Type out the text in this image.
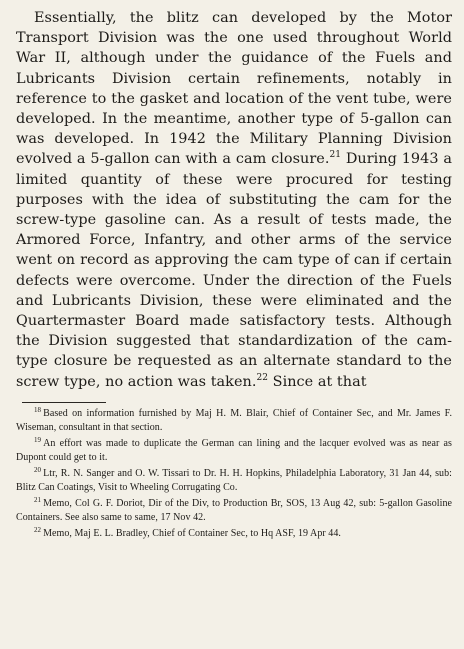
Essentially, the blitz can developed by the Motor Transport Division was the one used throughout World War II, although under the guidance of the Fuels and Lubricants Division certain refinements, notably in reference to the gasket and location of the vent tube, were developed. In the meantime, another type of 5-gallon can was developed. In 1942 the Military Planning Division evolved a 5-gallon can with a cam closure.$^{21}$ During 1943 a limited quantity of these were procured for testing purposes with the idea of substituting the cam for the screw-type gasoline can. As a result of tests made, the Armored Force, Infantry, and other arms of the service went on record as approving the cam type of can if certain defects were overcome. Under the direction of the Fuels and Lubricants Division, these were eliminated and the Quartermaster Board made satisfactory tests. Although the Division suggested that standardization of the cam-type closure be requested as an alternate standard to the screw type, no action was taken.$^{22}$ Since at that

$^{18}$ Based on information furnished by Maj H. M. Blair, Chief of Container Sec, and Mr. James F. Wiseman, consultant in that section.

$^{19}$ An effort was made to duplicate the German can lining and the lacquer evolved was as near as Dupont could get to it.

$^{20}$ Ltr, R. N. Sanger and O. W. Tissari to Dr. H. H. Hopkins, Philadelphia Laboratory, 31 Jan 44, sub: Blitz Can Coatings, Visit to Wheeling Corrugating Co.

$^{21}$ Memo, Col G. F. Doriot, Dir of the Div, to Production Br, SOS, 13 Aug 42, sub: 5-gallon Gasoline Containers. See also same to same, 17 Nov 42.

$^{22}$ Memo, Maj E. L. Bradley, Chief of Container Sec, to Hq ASF, 19 Apr 44.
